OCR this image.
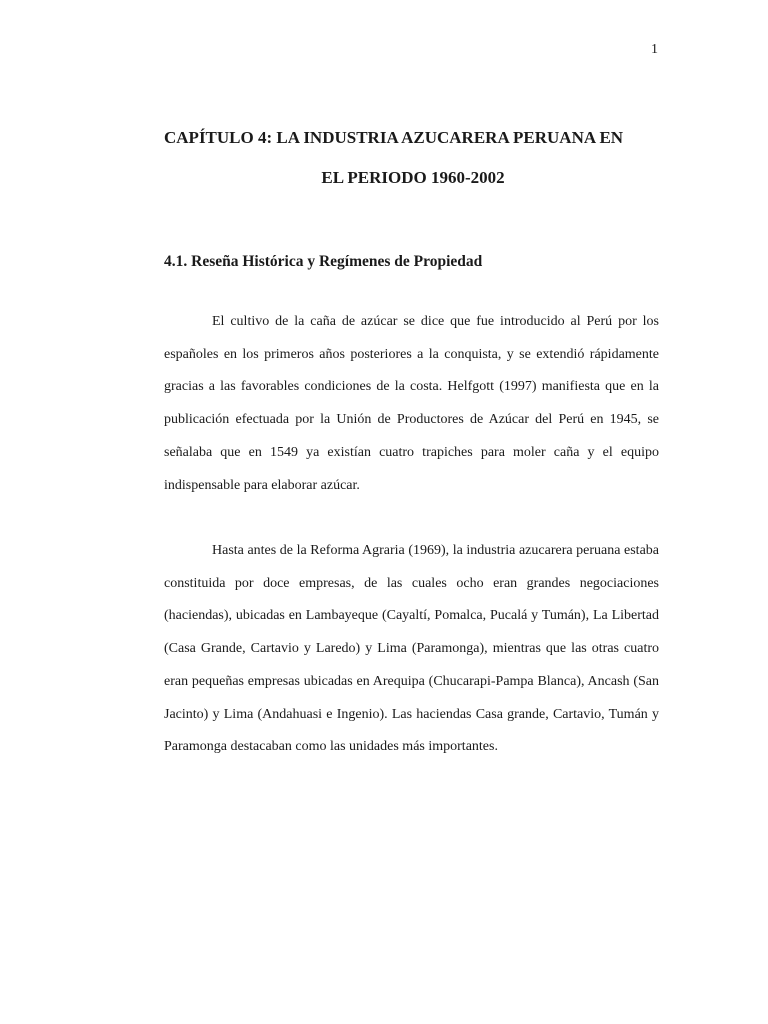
1
CAPÍTULO 4: LA INDUSTRIA AZUCARERA PERUANA EN
EL PERIODO 1960-2002
4.1. Reseña Histórica y Regímenes de Propiedad

El cultivo de la caña de azúcar se dice que fue introducido al Perú por los españoles en los primeros años posteriores a la conquista, y se extendió rápidamente gracias a las favorables condiciones de la costa. Helfgott (1997) manifiesta que en la publicación efectuada por la Unión de Productores de Azúcar del Perú en 1945, se señalaba que en 1549 ya existían cuatro trapiches para moler caña y el equipo indispensable para elaborar azúcar.

Hasta antes de la Reforma Agraria (1969), la industria azucarera peruana estaba constituida por doce empresas, de las cuales ocho eran grandes negociaciones (haciendas), ubicadas en Lambayeque (Cayaltí, Pomalca, Pucalá y Tumán), La Libertad (Casa Grande, Cartavio y Laredo) y Lima (Paramonga), mientras que las otras cuatro eran pequeñas empresas ubicadas en Arequipa (Chucarapi-Pampa Blanca), Ancash (San Jacinto) y Lima (Andahuasi e Ingenio). Las haciendas Casa grande, Cartavio, Tumán y Paramonga destacaban como las unidades más importantes.
